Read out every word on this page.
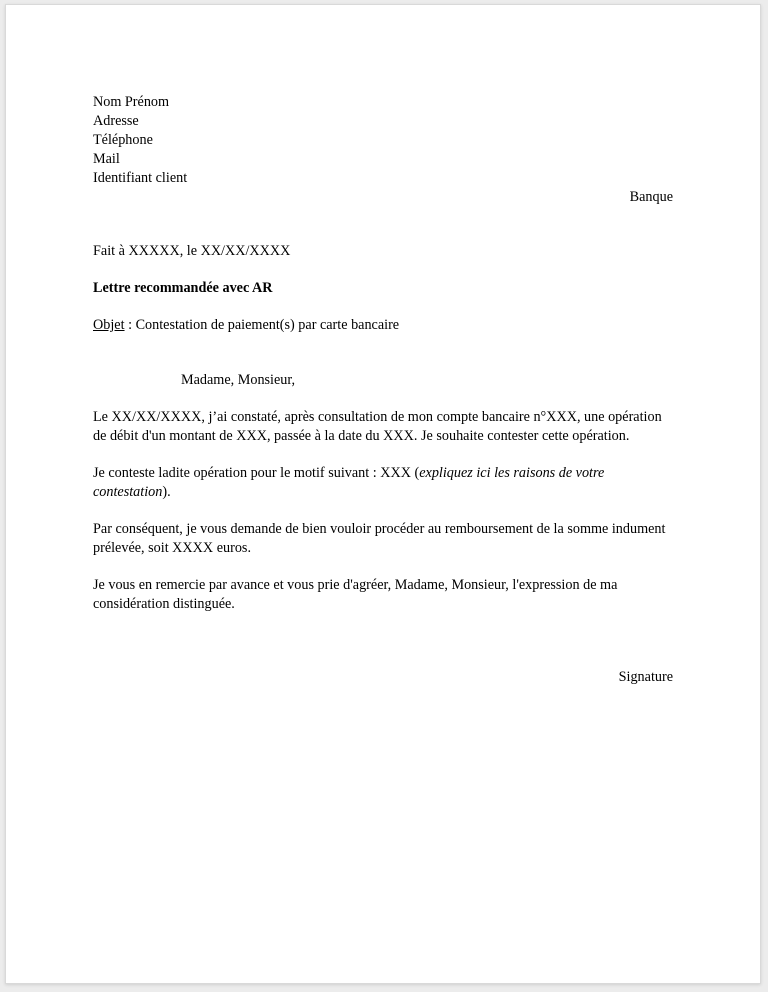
Nom Prénom
Adresse
Téléphone
Mail
Identifiant client
Banque
Fait à XXXXX, le XX/XX/XXXX
Lettre recommandée avec AR
Objet : Contestation de paiement(s) par carte bancaire
Madame, Monsieur,

Le XX/XX/XXXX, j’ai constaté, après consultation de mon compte bancaire n°XXX, une opération de débit d'un montant de XXX, passée à la date du XXX. Je souhaite contester cette opération.

Je conteste ladite opération pour le motif suivant : XXX (expliquez ici les raisons de votre contestation).

Par conséquent, je vous demande de bien vouloir procéder au remboursement de la somme indument prélevée, soit XXXX euros.

Je vous en remercie par avance et vous prie d'agréer, Madame, Monsieur, l'expression de ma considération distinguée.

Signature
